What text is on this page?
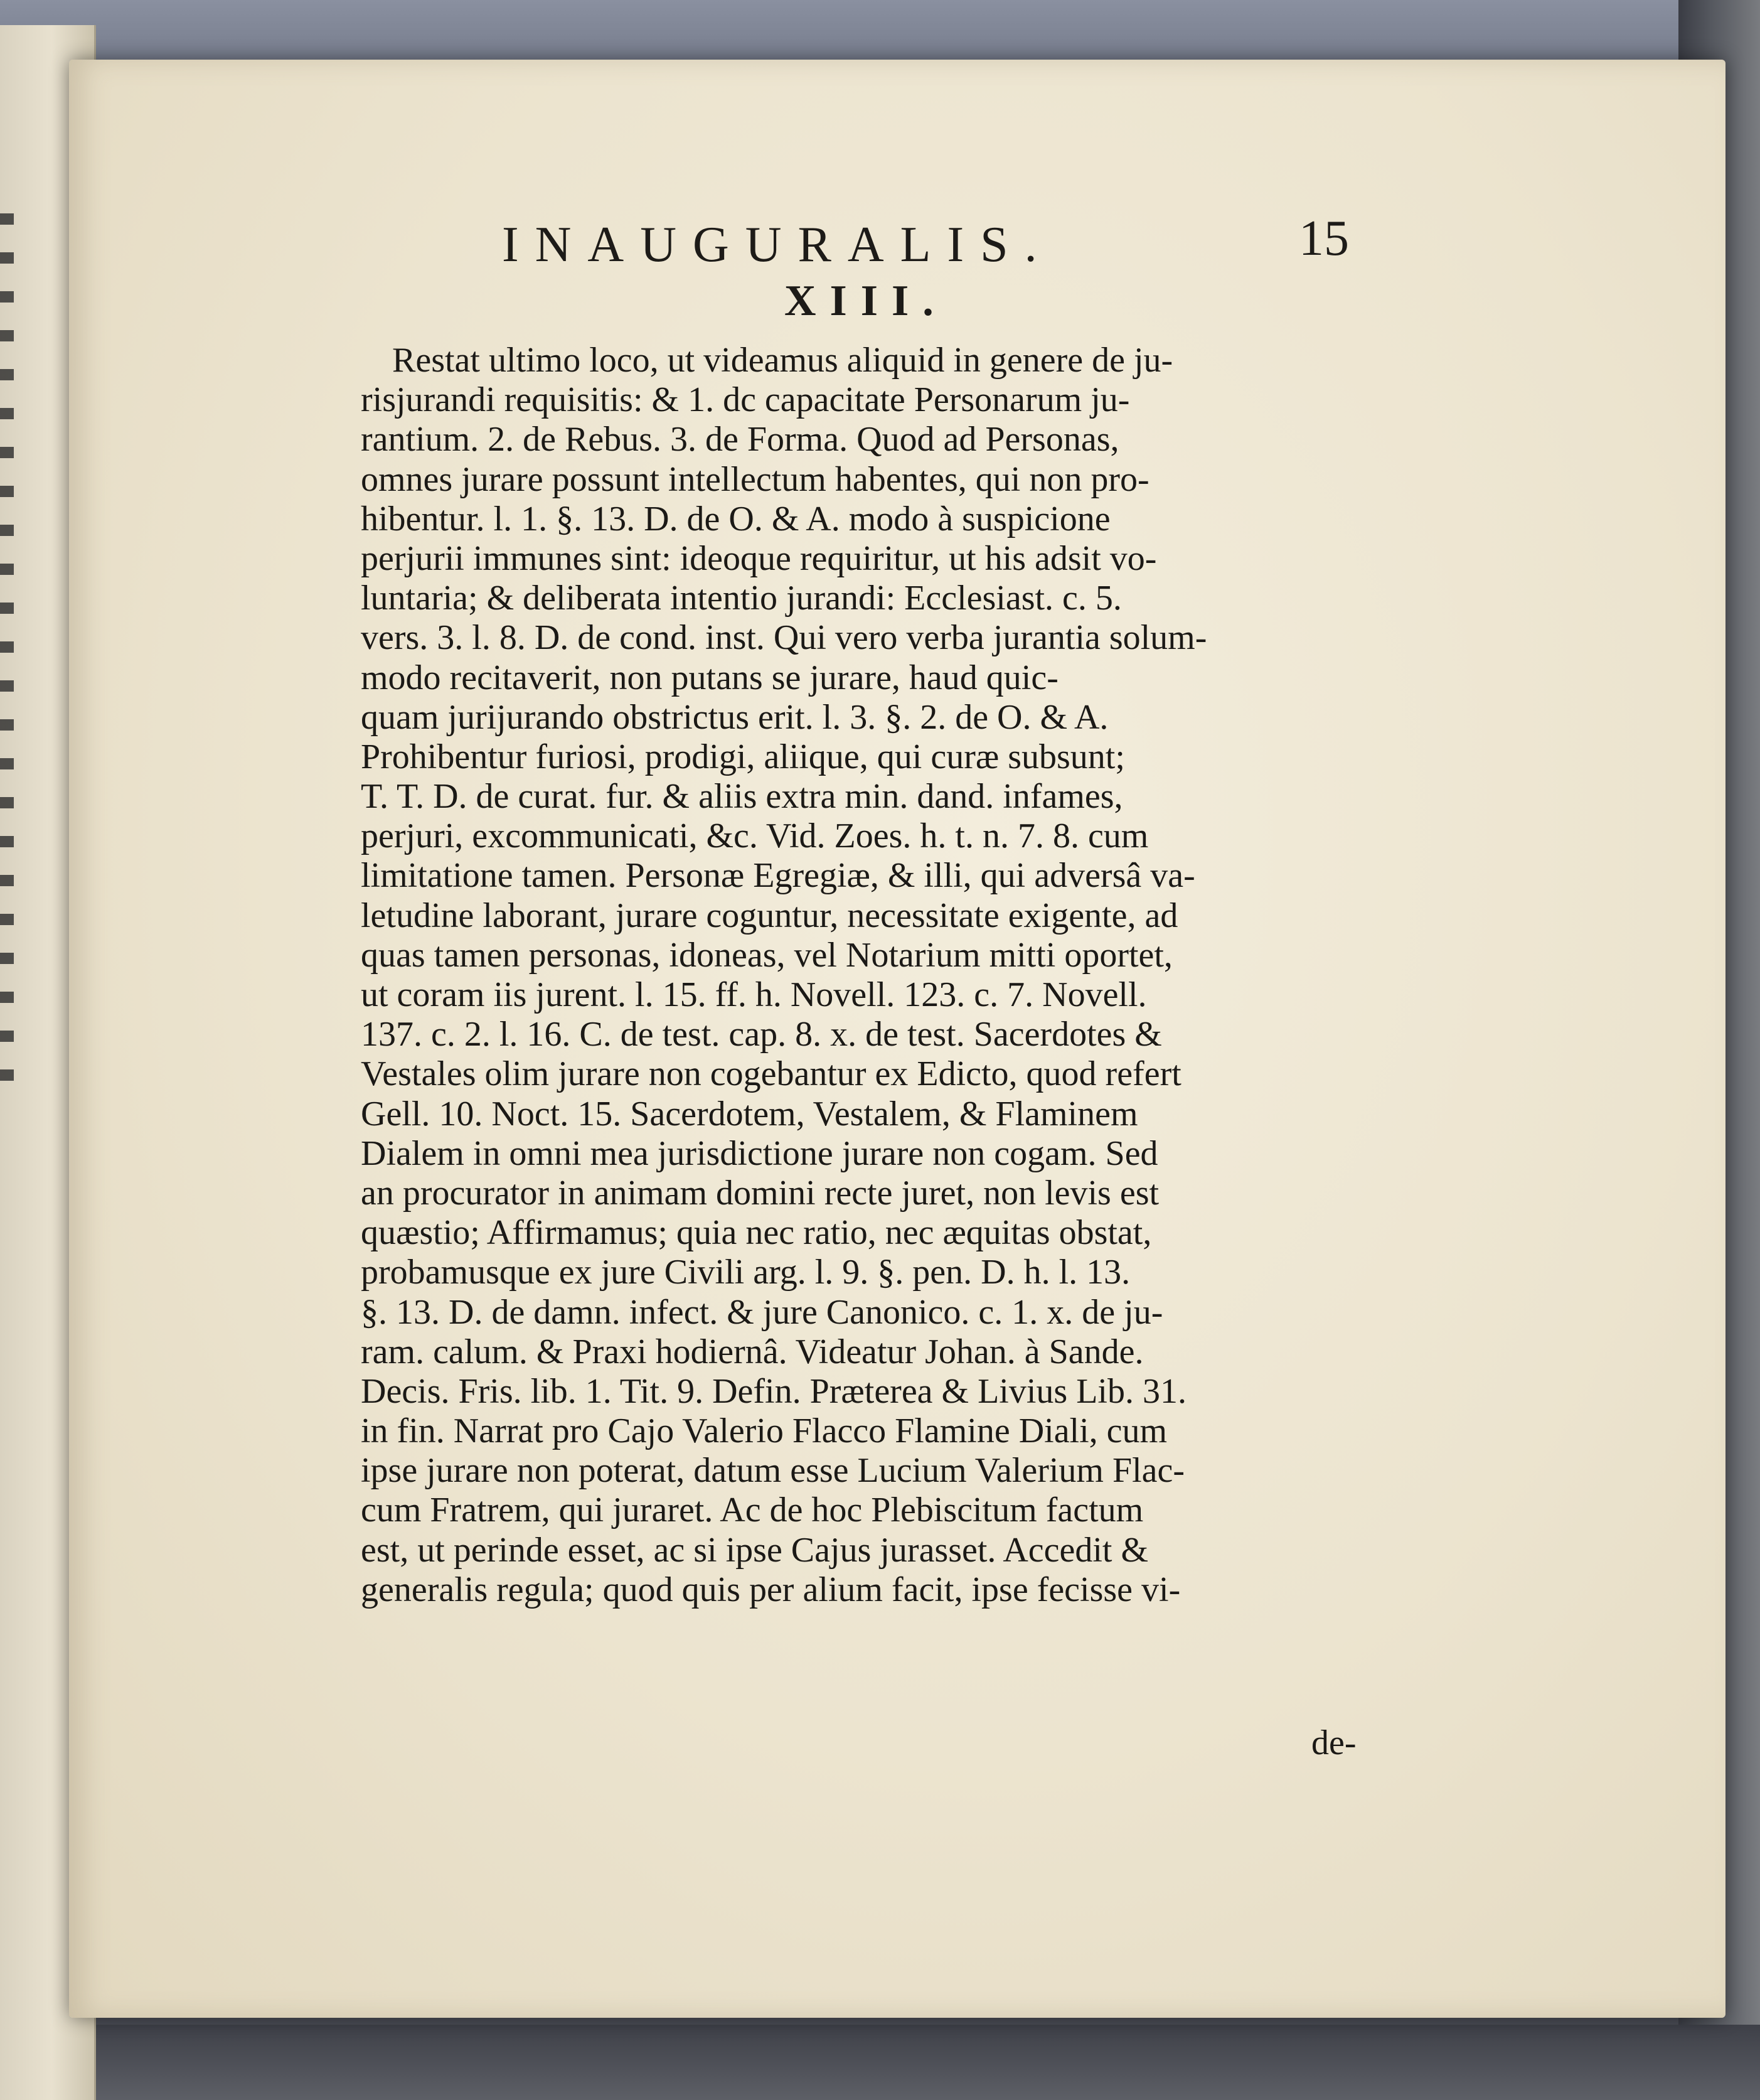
INAUGURALIS.	15
XIII.
Restat ultimo loco, ut videamus aliquid in genere de ju-
risjurandi requisitis: & 1. dc capacitate Personarum ju-
rantium. 2. de Rebus. 3. de Forma. Quod ad Personas,
omnes jurare possunt intellectum habentes, qui non pro-
hibentur. l. 1. §. 13. D. de O. & A. modo à suspicione
perjurii immunes sint: ideoque requiritur, ut his adsit vo-
luntaria; & deliberata intentio jurandi: Ecclesiast. c. 5.
vers. 3. l. 8. D. de cond. inst. Qui vero verba jurantia solum-
modo recitaverit, non putans se jurare, haud quic-
quam jurijurando obstrictus erit. l. 3. §. 2. de O. & A.
Prohibentur furiosi, prodigi, aliique, qui curæ subsunt;
T. T. D. de curat. fur. & aliis extra min. dand. infames,
perjuri, excommunicati, &c. Vid. Zoes. h. t. n. 7. 8. cum
limitatione tamen. Personæ Egregiæ, & illi, qui adversâ va-
letudine laborant, jurare coguntur, necessitate exigente, ad
quas tamen personas, idoneas, vel Notarium mitti oportet,
ut coram iis jurent. l. 15. ff. h. Novell. 123. c. 7. Novell.
137. c. 2. l. 16. C. de test. cap. 8. x. de test. Sacerdotes &
Vestales olim jurare non cogebantur ex Edicto, quod refert
Gell. 10. Noct. 15. Sacerdotem, Vestalem, & Flaminem
Dialem in omni mea jurisdictione jurare non cogam. Sed
an procurator in animam domini recte juret, non levis est
quæstio; Affirmamus; quia nec ratio, nec æquitas obstat,
probamusque ex jure Civili arg. l. 9. §. pen. D. h. l. 13.
§. 13. D. de damn. infect. & jure Canonico. c. 1. x. de ju-
ram. calum. & Praxi hodiernâ. Videatur Johan. à Sande.
Decis. Fris. lib. 1. Tit. 9. Defin. Præterea & Livius Lib. 31.
in fin. Narrat pro Cajo Valerio Flacco Flamine Diali, cum
ipse jurare non poterat, datum esse Lucium Valerium Flac-
cum Fratrem, qui juraret. Ac de hoc Plebiscitum factum
est, ut perinde esset, ac si ipse Cajus jurasset. Accedit &
generalis regula; quod quis per alium facit, ipse fecisse vi-
de-
